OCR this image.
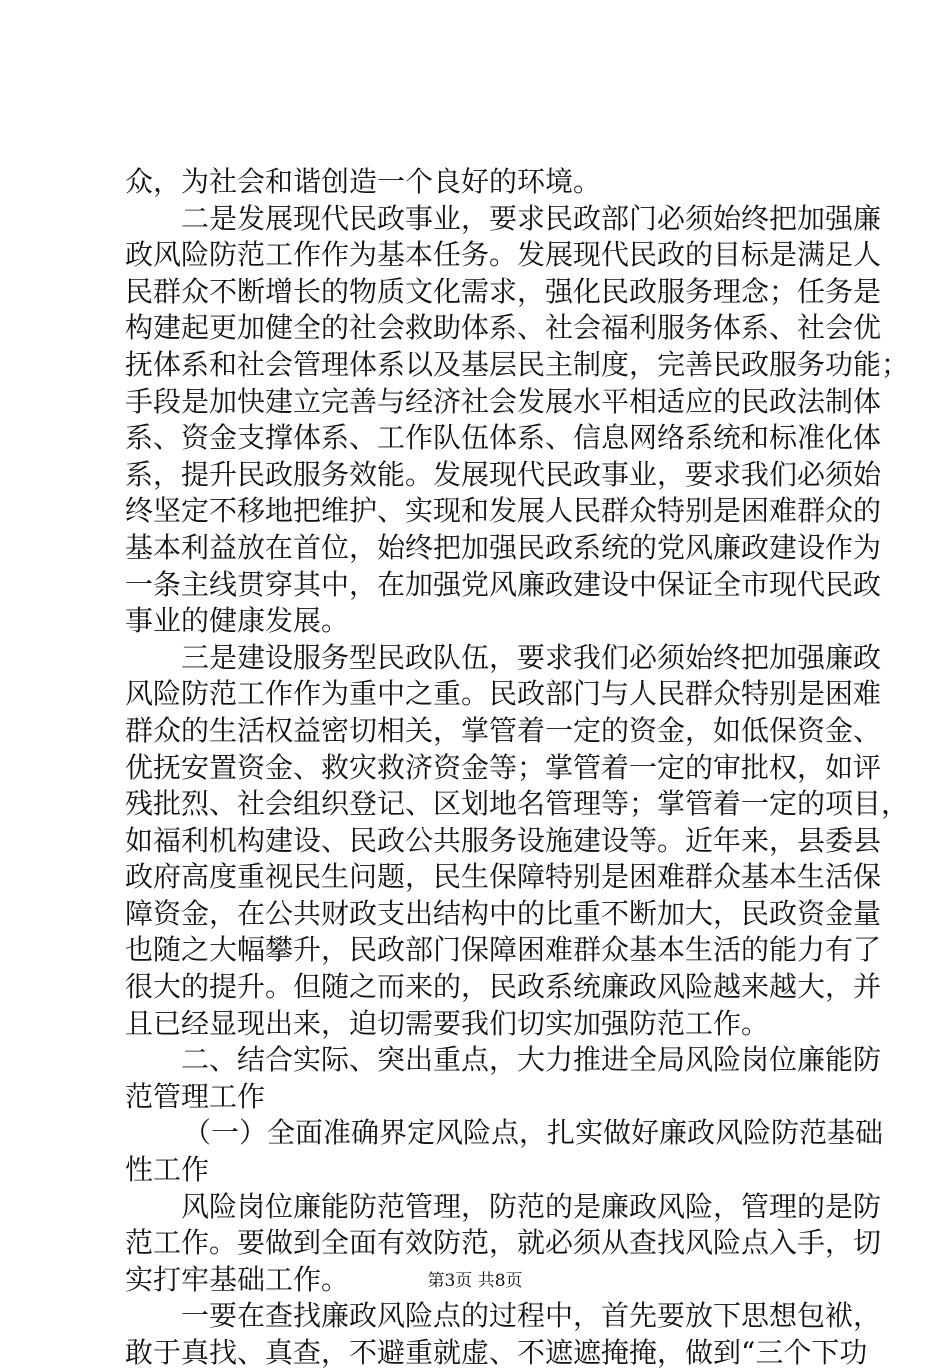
众，为社会和谐创造一个良好的环境。
二是发展现代民政事业，要求民政部门必须始终把加强廉
政风险防范工作作为基本任务。发展现代民政的目标是满足人
民群众不断增长的物质文化需求，强化民政服务理念；任务是
构建起更加健全的社会救助体系、社会福利服务体系、社会优
抚体系和社会管理体系以及基层民主制度，完善民政服务功能；
手段是加快建立完善与经济社会发展水平相适应的民政法制体
系、资金支撑体系、工作队伍体系、信息网络系统和标准化体
系，提升民政服务效能。发展现代民政事业，要求我们必须始
终坚定不移地把维护、实现和发展人民群众特别是困难群众的
基本利益放在首位，始终把加强民政系统的党风廉政建设作为
一条主线贯穿其中，在加强党风廉政建设中保证全市现代民政
事业的健康发展。
三是建设服务型民政队伍，要求我们必须始终把加强廉政
风险防范工作作为重中之重。民政部门与人民群众特别是困难
群众的生活权益密切相关，掌管着一定的资金，如低保资金、
优抚安置资金、救灾救济资金等；掌管着一定的审批权，如评
残批烈、社会组织登记、区划地名管理等；掌管着一定的项目，
如福利机构建设、民政公共服务设施建设等。近年来，县委县
政府高度重视民生问题，民生保障特别是困难群众基本生活保
障资金，在公共财政支出结构中的比重不断加大，民政资金量
也随之大幅攀升，民政部门保障困难群众基本生活的能力有了
很大的提升。但随之而来的，民政系统廉政风险越来越大，并
且已经显现出来，迫切需要我们切实加强防范工作。
二、结合实际、突出重点，大力推进全局风险岗位廉能防
范管理工作
（一）全面准确界定风险点，扎实做好廉政风险防范基础
性工作
风险岗位廉能防范管理，防范的是廉政风险，管理的是防
范工作。要做到全面有效防范，就必须从查找风险点入手，切
实打牢基础工作。
一要在查找廉政风险点的过程中，首先要放下思想包袱，
敢于真找、真查，不避重就虚、不遮遮掩掩，做到“三个下功
第3页 共8页
